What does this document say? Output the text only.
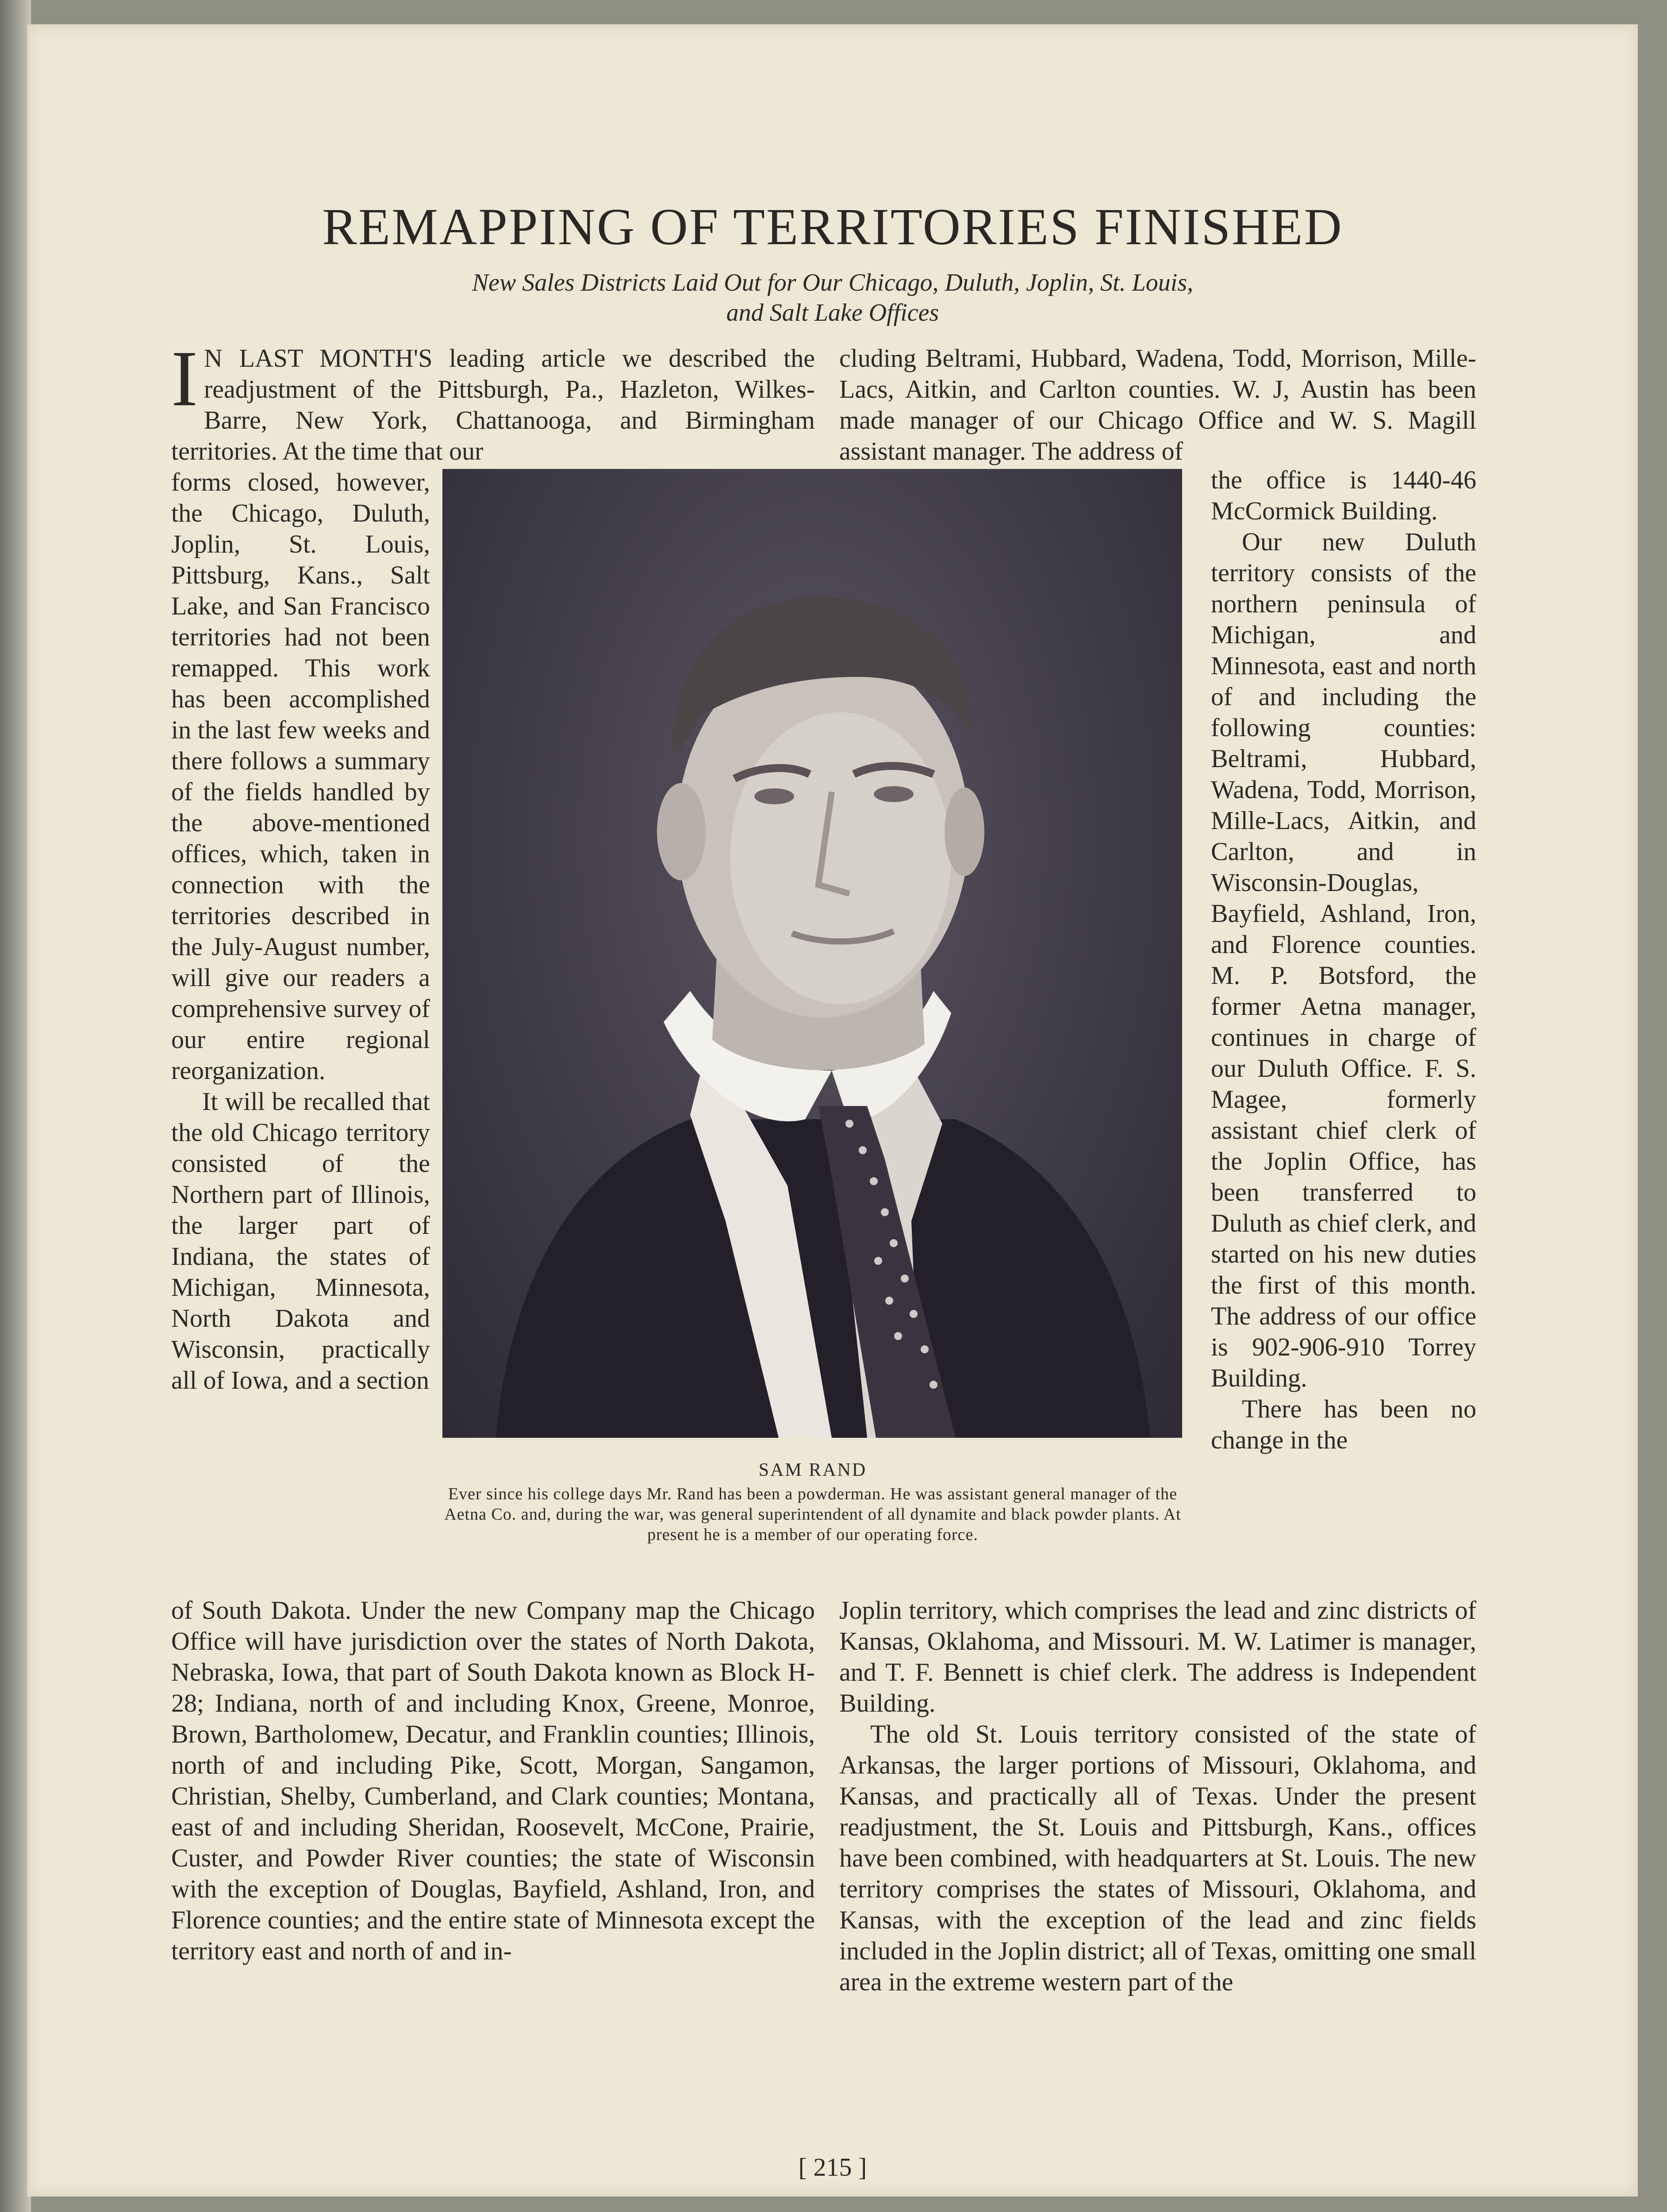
REMAPPING OF TERRITORIES FINISHED
New Sales Districts Laid Out for Our Chicago, Duluth, Joplin, St. Louis,
and Salt Lake Offices

I N LAST MONTH'S leading article we described the readjustment of the Pittsburgh, Pa., Hazleton, Wilkes-Barre, New York, Chattanooga, and Birmingham territories. At the time that our

forms closed, however, the Chicago, Duluth, Joplin, St. Louis, Pittsburg, Kans., Salt Lake, and San Francisco territories had not been remapped. This work has been accomplished in the last few weeks and there follows a summary of the fields handled by the above-mentioned offices, which, taken in connection with the territories described in the July-August number, will give our readers a comprehensive survey of our entire regional reorganization.

It will be recalled that the old Chicago territory consisted of the Northern part of Illinois, the larger part of Indiana, the states of Michigan, Minnesota, North Dakota and Wisconsin, practically all of Iowa, and a section

of South Dakota. Under the new Company map the Chicago Office will have jurisdiction over the states of North Dakota, Nebraska, Iowa, that part of South Dakota known as Block H-28; Indiana, north of and including Knox, Greene, Monroe, Brown, Bartholomew, Decatur, and Franklin counties; Illinois, north of and including Pike, Scott, Morgan, Sangamon, Christian, Shelby, Cumberland, and Clark counties; Montana, east of and including Sheridan, Roosevelt, McCone, Prairie, Custer, and Powder River counties; the state of Wisconsin with the exception of Douglas, Bayfield, Ashland, Iron, and Florence counties; and the entire state of Minnesota except the territory east and north of and in-

cluding Beltrami, Hubbard, Wadena, Todd, Morrison, Mille-Lacs, Aitkin, and Carlton counties. W. J, Austin has been made manager of our Chicago Office and W. S. Magill assistant manager. The address of

the office is 1440-46 McCormick Building.

Our new Duluth territory consists of the northern peninsula of Michigan, and Minnesota, east and north of and including the following counties: Beltrami, Hubbard, Wadena, Todd, Morrison, Mille-Lacs, Aitkin, and Carlton, and in Wisconsin-Douglas, Bayfield, Ashland, Iron, and Florence counties. M. P. Botsford, the former Aetna manager, continues in charge of our Duluth Office. F. S. Magee, formerly assistant chief clerk of the Joplin Office, has been transferred to Duluth as chief clerk, and started on his new duties the first of this month. The address of our office is 902-906-910 Torrey Building.

There has been no change in the

Joplin territory, which comprises the lead and zinc districts of Kansas, Oklahoma, and Missouri. M. W. Latimer is manager, and T. F. Bennett is chief clerk. The address is Independent Building.

The old St. Louis territory consisted of the state of Arkansas, the larger portions of Missouri, Oklahoma, and Kansas, and practically all of Texas. Under the present readjustment, the St. Louis and Pittsburgh, Kans., offices have been combined, with headquarters at St. Louis. The new territory comprises the states of Missouri, Oklahoma, and Kansas, with the exception of the lead and zinc fields included in the Joplin district; all of Texas, omitting one small area in the extreme western part of the

SAM RAND
Ever since his college days Mr. Rand has been a powderman. He was assistant general manager of the Aetna Co. and, during the war, was general superintendent of all dynamite and black powder plants. At present he is a member of our operating force.
[ 215 ]
